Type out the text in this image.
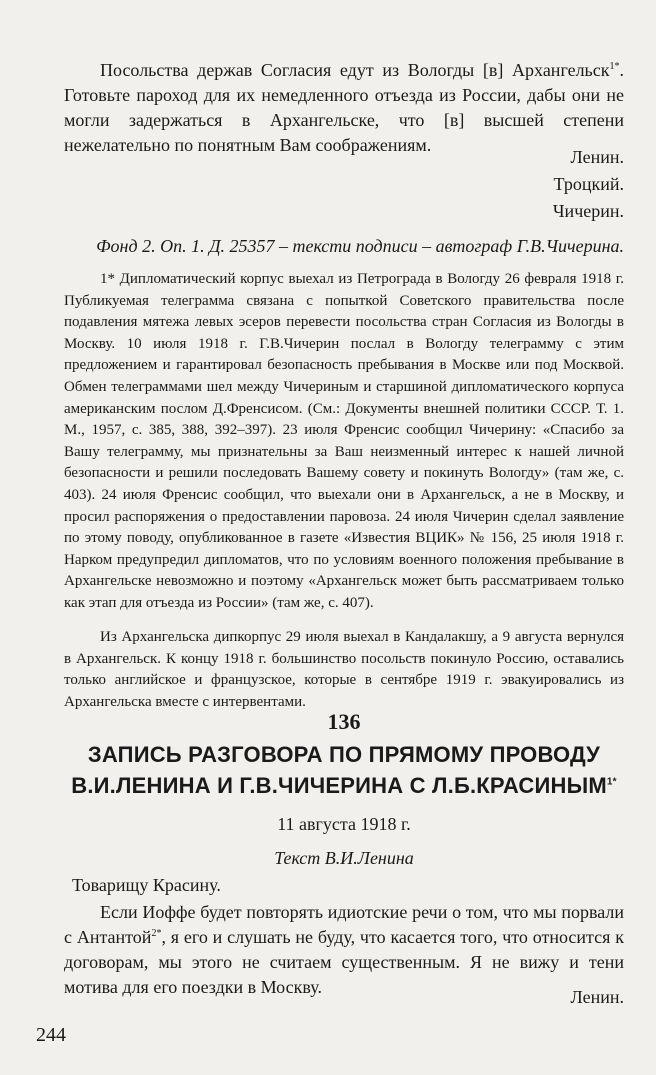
Посольства держав Согласия едут из Вологды [в] Архангельск$^{1*}$. Готовьте пароход для их немедленного отъезда из России, дабы они не могли задержаться в Архангельске, что [в] высшей степени нежелательно по понятным Вам соображениям.

Ленин.

Троцкий.

Чичерин.

Фонд 2. Оп. 1. Д. 25357 – тексти подписи – автограф Г.В.Чичерина.

1* Дипломатический корпус выехал из Петрограда в Вологду 26 февраля 1918 г. Публикуемая телеграмма связана с попыткой Советского правительства после подавления мятежа левых эсеров перевести посольства стран Согласия из Вологды в Москву. 10 июля 1918 г. Г.В.Чичерин послал в Вологду телеграмму с этим предложением и гарантировал безопасность пребывания в Москве или под Москвой. Обмен телеграммами шел между Чичериным и старшиной дипломатического корпуса американским послом Д.Френсисом. (См.: Документы внешней политики СССР. Т. 1. М., 1957, с. 385, 388, 392–397). 23 июля Френсис сообщил Чичерину: «Спасибо за Вашу телеграмму, мы признательны за Ваш неизменный интерес к нашей личной безопасности и решили последовать Вашему совету и покинуть Вологду» (там же, с. 403). 24 июля Френсис сообщил, что выехали они в Архангельск, а не в Москву, и просил распоряжения о предоставлении паровоза. 24 июля Чичерин сделал заявление по этому поводу, опубликованное в газете «Известия ВЦИК» № 156, 25 июля 1918 г. Нарком предупредил дипломатов, что по условиям военного положения пребывание в Архангельске невозможно и поэтому «Архангельск может быть рассматриваем только как этап для отъезда из России» (там же, с. 407).

Из Архангельска дипкорпус 29 июля выехал в Кандалакшу, а 9 августа вернулся в Архангельск. К концу 1918 г. большинство посольств покинуло Россию, оставались только английское и французское, которые в сентябре 1919 г. эвакуировались из Архангельска вместе с интервентами.

136

ЗАПИСЬ РАЗГОВОРА ПО ПРЯМОМУ ПРОВОДУ

В.И.ЛЕНИНА И Г.В.ЧИЧЕРИНА С $Л.Б.КРАСИНЫМ^{1*}$

11 августа 1918 г.

Текст В.И.Ленина

Товарищу Красину.

Если Иоффе будет повторять идиотские речи о том, что мы порвали с Антантой$^{2*}$, я его и слушать не буду, что касается того, что относится к договорам, мы этого не считаем существенным. Я не вижу и тени мотива для его поездки в Москву.	Ленин.

244
